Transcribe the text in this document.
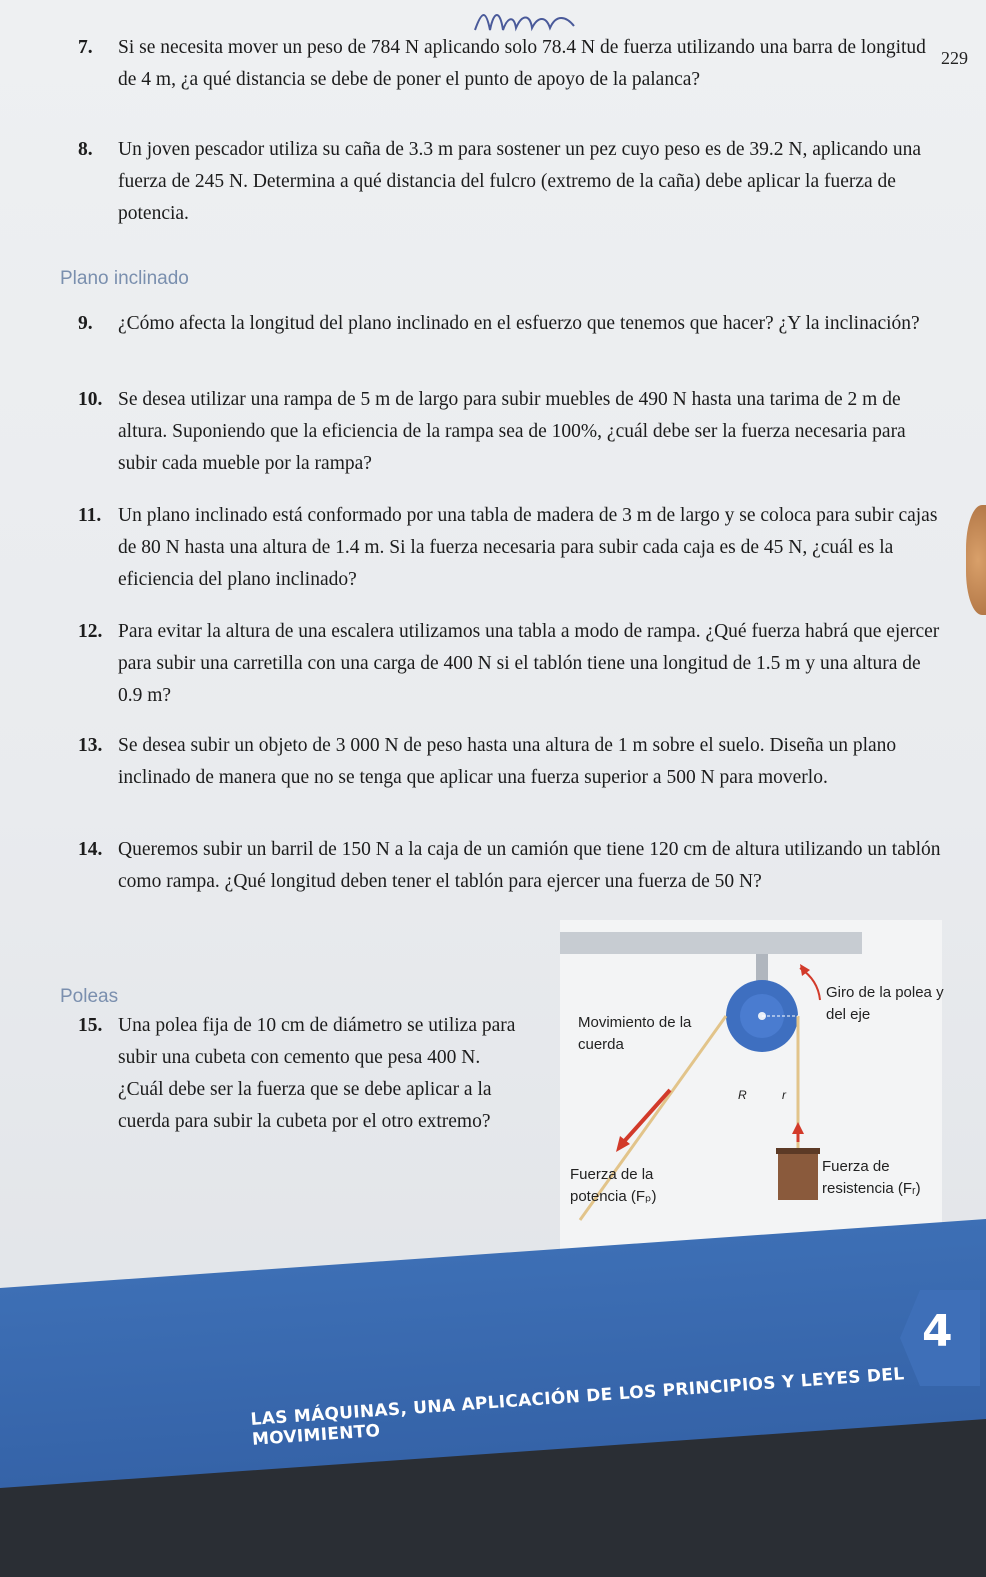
229
7.	Si se necesita mover un peso de 784 N aplicando solo 78.4 N de fuerza utilizando una barra de longitud de 4 m, ¿a qué distancia se debe de poner el punto de apoyo de la palanca?
8.	Un joven pescador utiliza su caña de 3.3 m para sostener un pez cuyo peso es de 39.2 N, aplicando una fuerza de 245 N. Determina a qué distancia del fulcro (extremo de la caña) debe aplicar la fuerza de potencia.
Plano inclinado
9.	¿Cómo afecta la longitud del plano inclinado en el esfuerzo que tenemos que hacer? ¿Y la inclinación?
10. Se desea utilizar una rampa de 5 m de largo para subir muebles de 490 N hasta una tarima de 2 m de altura. Suponiendo que la eficiencia de la rampa sea de 100%, ¿cuál debe ser la fuerza necesaria para subir cada mueble por la rampa?
11. Un plano inclinado está conformado por una tabla de madera de 3 m de largo y se coloca para subir cajas de 80 N hasta una altura de 1.4 m. Si la fuerza necesaria para subir cada caja es de 45 N, ¿cuál es la eficiencia del plano inclinado?
12. Para evitar la altura de una escalera utilizamos una tabla a modo de rampa. ¿Qué fuerza habrá que ejercer para subir una carretilla con una carga de 400 N si el tablón tiene una longitud de 1.5 m y una altura de 0.9 m?
13. Se desea subir un objeto de 3 000 N de peso hasta una altura de 1 m sobre el suelo. Diseña un plano inclinado de manera que no se tenga que aplicar una fuerza superior a 500 N para moverlo.
14. Queremos subir un barril de 150 N a la caja de un camión que tiene 120 cm de altura utilizando un tablón como rampa. ¿Qué longitud deben tener el tablón para ejercer una fuerza de 50 N?
Poleas
15. Una polea fija de 10 cm de diámetro se utiliza para subir una cubeta con cemento que pesa 400 N. ¿Cuál debe ser la fuerza que se debe aplicar a la cuerda para subir la cubeta por el otro extremo?
Movimiento de la cuerda
Giro de la polea y del eje
Fuerza de la potencia (Fₚ)
Fuerza de resistencia (Fᵣ)
R	r
LAS MÁQUINAS, UNA APLICACIÓN DE LOS PRINCIPIOS Y LEYES DEL MOVIMIENTO
4
